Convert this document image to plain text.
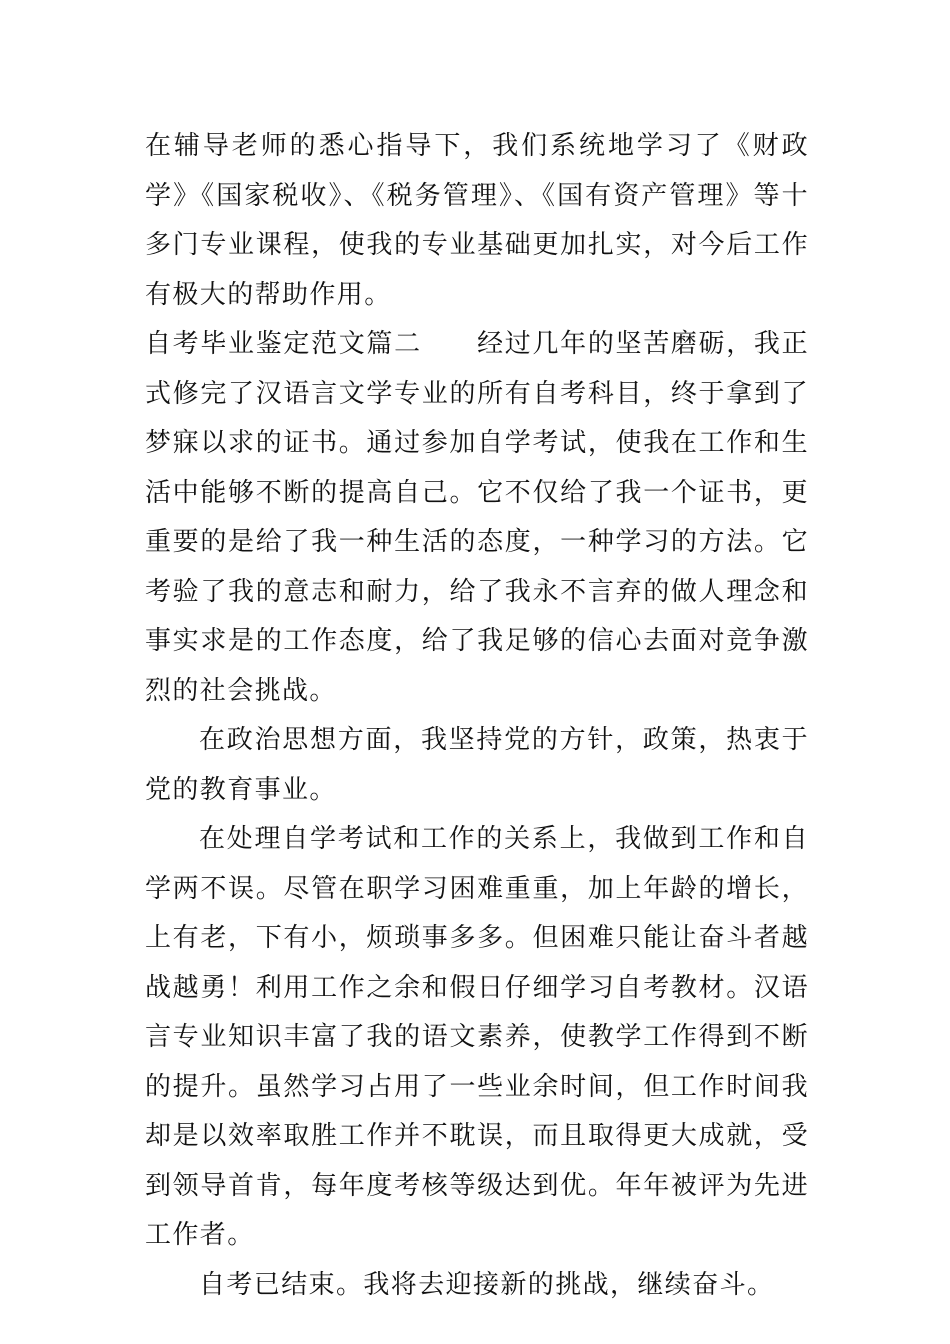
在辅导老师的悉心指导下，我们系统地学习了《财政学》《国家税收》、《税务管理》、《国有资产管理》等十多门专业课程，使我的专业基础更加扎实，对今后工作有极大的帮助作用。

自考毕业鉴定范文篇二　　经过几年的坚苦磨砺，我正式修完了汉语言文学专业的所有自考科目，终于拿到了梦寐以求的证书。通过参加自学考试，使我在工作和生活中能够不断的提高自己。它不仅给了我一个证书，更重要的是给了我一种生活的态度，一种学习的方法。它考验了我的意志和耐力，给了我永不言弃的做人理念和事实求是的工作态度，给了我足够的信心去面对竞争激烈的社会挑战。

在政治思想方面，我坚持党的方针，政策，热衷于党的教育事业。

在处理自学考试和工作的关系上，我做到工作和自学两不误。尽管在职学习困难重重，加上年龄的增长，上有老，下有小，烦琐事多多。但困难只能让奋斗者越战越勇！利用工作之余和假日仔细学习自考教材。汉语言专业知识丰富了我的语文素养，使教学工作得到不断的提升。虽然学习占用了一些业余时间，但工作时间我却是以效率取胜工作并不耽误，而且取得更大成就，受到领导首肯，每年度考核等级达到优。年年被评为先进工作者。

自考已结束。我将去迎接新的挑战，继续奋斗。
